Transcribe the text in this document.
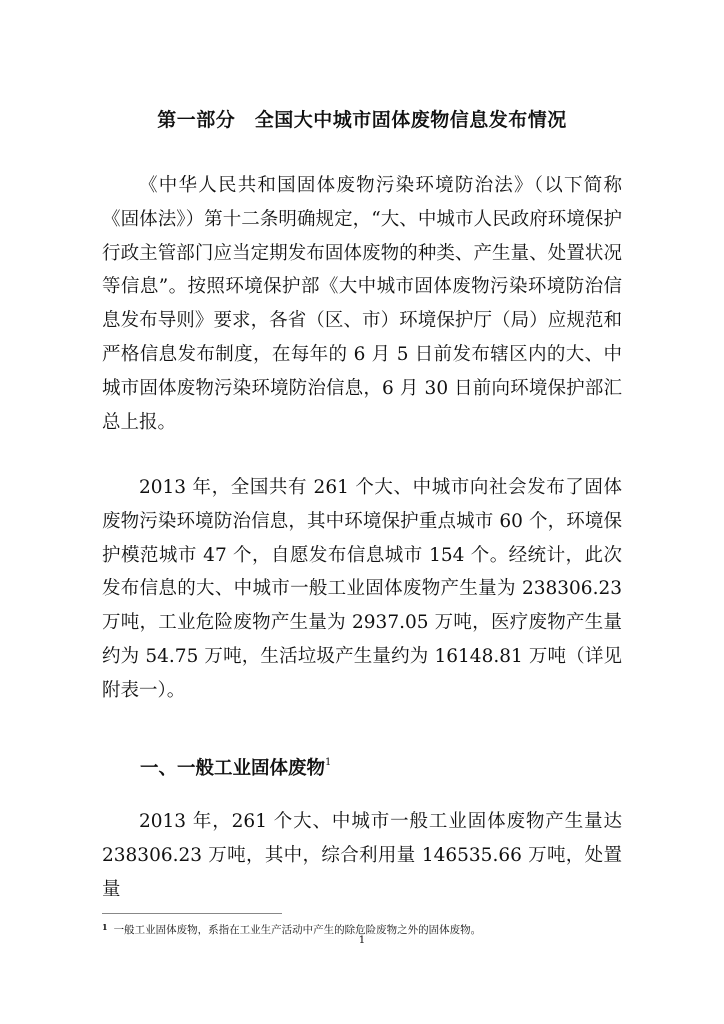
第一部分　全国大中城市固体废物信息发布情况

《中华人民共和国固体废物污染环境防治法》（以下简称《固体法》）第十二条明确规定，“大、中城市人民政府环境保护行政主管部门应当定期发布固体废物的种类、产生量、处置状况等信息”。按照环境保护部《大中城市固体废物污染环境防治信息发布导则》要求，各省（区、市）环境保护厅（局）应规范和严格信息发布制度，在每年的 6 月 5 日前发布辖区内的大、中城市固体废物污染环境防治信息，6 月 30 日前向环境保护部汇总上报。

2013 年，全国共有 261 个大、中城市向社会发布了固体废物污染环境防治信息，其中环境保护重点城市 60 个，环境保护模范城市 47 个，自愿发布信息城市 154 个。经统计，此次发布信息的大、中城市一般工业固体废物产生量为 238306.23 万吨，工业危险废物产生量为 2937.05 万吨，医疗废物产生量约为 54.75 万吨，生活垃圾产生量约为 16148.81 万吨（详见附表一）。

一、一般工业固体废物$^1$

2013 年，261 个大、中城市一般工业固体废物产生量达 238306.23 万吨，其中，综合利用量 146535.66 万吨，处置量

$^1$ 一般工业固体废物，系指在工业生产活动中产生的除危险废物之外的固体废物。

1
